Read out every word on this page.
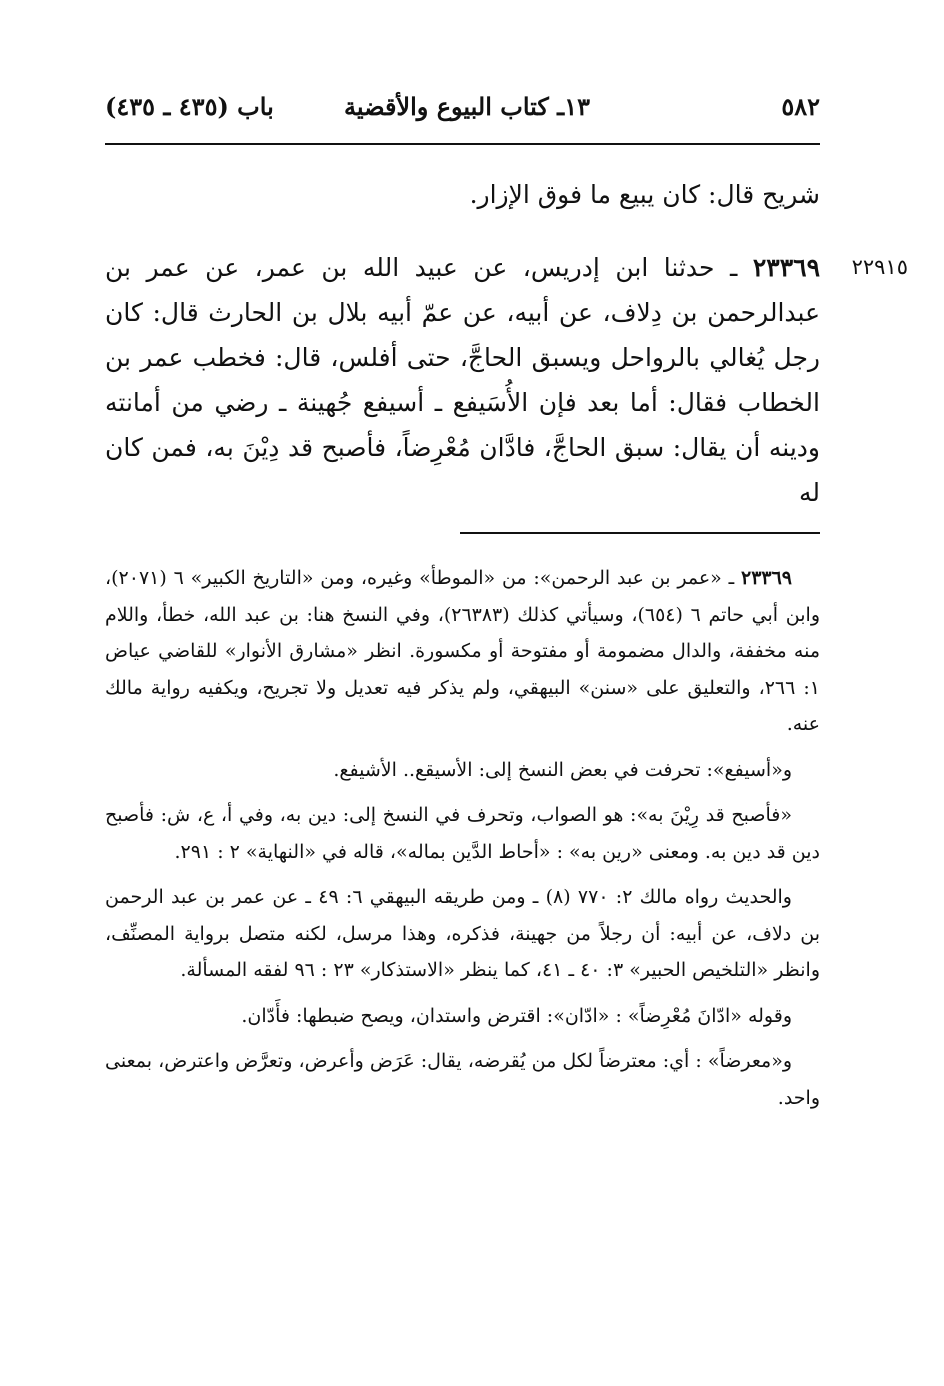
٥٨٢
١٣ـ كتاب البيوع والأقضية
باب (٤٣٥ ـ ٤٣٥)
٢٢٩١٥

شريح قال: كان يبيع ما فوق الإزار.

٢٣٣٦٩ ـ حدثنا ابن إدريس، عن عبيد الله بن عمر، عن عمر بن عبدالرحمن بن دِلاف، عن أبيه، عن عمّ أبيه بلال بن الحارث قال: كان رجل يُغالي بالرواحل ويسبق الحاجَّ، حتى أفلس، قال: فخطب عمر بن الخطاب فقال: أما بعد فإن الأُسَيفع ـ أسيفع جُهينة ـ رضي من أمانته ودينه أن يقال: سبق الحاجَّ، فادَّان مُعْرِضاً، فأصبح قد دِيْنَ به، فمن كان له

٢٣٣٦٩ ـ «عمر بن عبد الرحمن»: من «الموطأ» وغيره، ومن «التاريخ الكبير» ٦ (٢٠٧١)، وابن أبي حاتم ٦ (٦٥٤)، وسيأتي كذلك (٢٦٣٨٣)، وفي النسخ هنا: بن عبد الله، خطأ، واللام منه مخففة، والدال مضمومة أو مفتوحة أو مكسورة. انظر «مشارق الأنوار» للقاضي عياض ١: ٢٦٦، والتعليق على «سنن» البيهقي، ولم يذكر فيه تعديل ولا تجريح، ويكفيه رواية مالك عنه.

و«أسيفع»: تحرفت في بعض النسخ إلى: الأسيقع.. الأشيفع.

«فأصبح قد رِيْنَ به»: هو الصواب، وتحرف في النسخ إلى: دين به، وفي أ، ع، ش: فأصبح دين قد دين به. ومعنى «رين به» : «أحاط الدَّين بماله»، قاله في «النهاية» ٢ : ٢٩١.

والحديث رواه مالك ٢: ٧٧٠ (٨) ـ ومن طريقه البيهقي ٦: ٤٩ ـ عن عمر بن عبد الرحمن بن دلاف، عن أبيه: أن رجلاً من جهينة، فذكره، وهذا مرسل، لكنه متصل برواية المصنِّف، وانظر «التلخيص الحبير» ٣: ٤٠ ـ ٤١، كما ينظر «الاستذكار» ٢٣ : ٩٦ لفقه المسألة.

وقوله «ادّانَ مُعْرِضاً» : «ادّان»: اقترض واستدان، ويصح ضبطها: فأَدّان.

و«معرضاً» : أي: معترضاً لكل من يُقرضه، يقال: عَرَض وأعرض، وتعرَّض واعترض، بمعنى واحد.
